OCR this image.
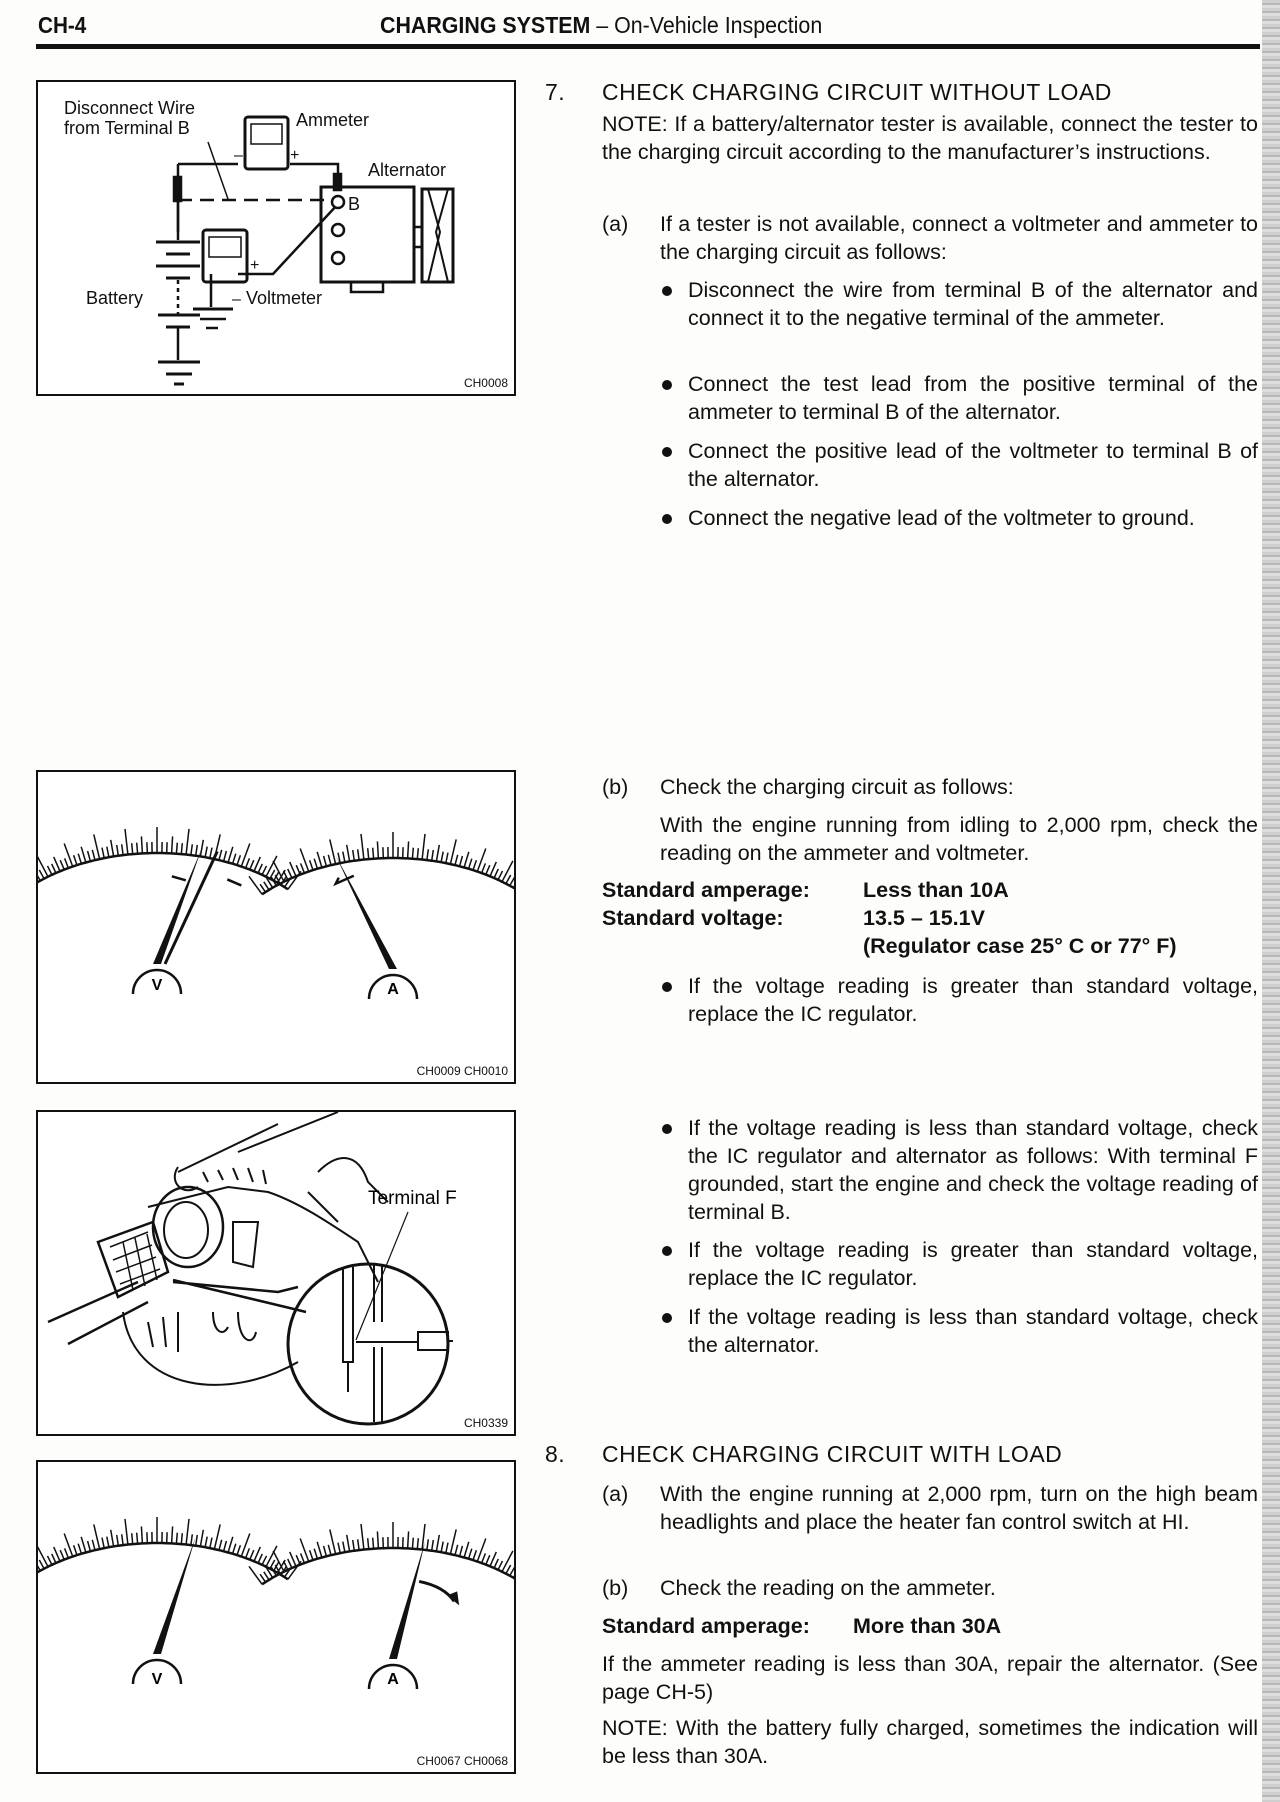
CH-4	CHARGING SYSTEM – On-Vehicle Inspection
Disconnect Wire
from Terminal B	Ammeter
Alternator
B
Battery	Voltmeter
–	+
+
–
CH0008
V	A
CH0009 CH0010
Terminal F
CH0339
V	A
CH0067 CH0068
7. CHECK CHARGING CIRCUIT WITHOUT LOAD
NOTE: If a battery/alternator tester is available, connect the tester to the charging circuit according to the manufacturer’s instructions.
(a) If a tester is not available, connect a voltmeter and ammeter to the charging circuit as follows:
Disconnect the wire from terminal B of the alternator and connect it to the negative terminal of the ammeter.
Connect the test lead from the positive terminal of the ammeter to terminal B of the alternator.
Connect the positive lead of the voltmeter to terminal B of the alternator.
Connect the negative lead of the voltmeter to ground.
(b) Check the charging circuit as follows:
With the engine running from idling to 2,000 rpm, check the reading on the ammeter and voltmeter.
Standard amperage: Less than 10A
Standard voltage:	13.5 – 15.1V
(Regulator case 25° C or 77° F)
If the voltage reading is greater than standard voltage, replace the IC regulator.
If the voltage reading is less than standard voltage, check the IC regulator and alternator as follows: With terminal F grounded, start the engine and check the voltage reading of terminal B.
If the voltage reading is greater than standard voltage, replace the IC regulator.
If the voltage reading is less than standard voltage, check the alternator.
8. CHECK CHARGING CIRCUIT WITH LOAD
(a) With the engine running at 2,000 rpm, turn on the high beam headlights and place the heater fan control switch at HI.
(b) Check the reading on the ammeter.
Standard amperage: More than 30A
If the ammeter reading is less than 30A, repair the alternator. (See page CH-5)
NOTE: With the battery fully charged, sometimes the indication will be less than 30A.
